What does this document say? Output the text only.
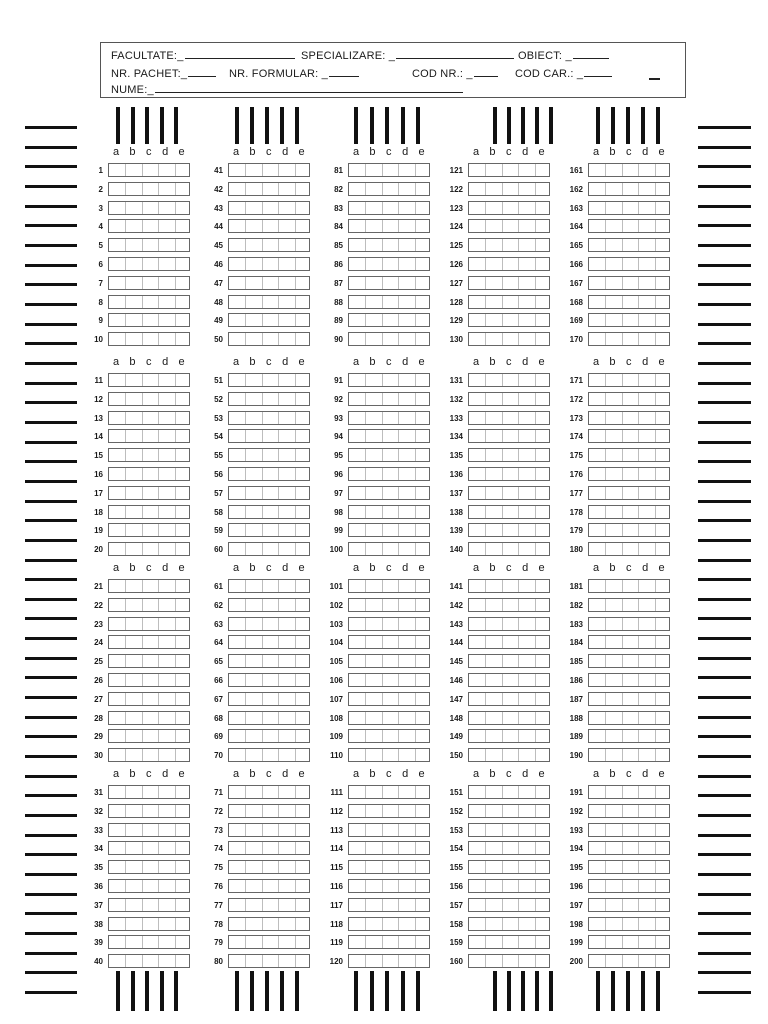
FACULTATE:_	SPECIALIZARE: _	OBIECT: _
NR. PACHET:_	NR. FORMULAR: _	COD NR.: _	COD CAR.: _
NUME:_
a b c d e
1
2
3
4
5
6
7
8
9
10
a b c d e
11
12
13
14
15
16
17
18
19
20
a b c d e
21
22
23
24
25
26
27
28
29
30
a b c d e
31
32
33
34
35
36
37
38
39
40
a b c d e
41
42
43
44
45
46
47
48
49
50
a b c d e
51
52
53
54
55
56
57
58
59
60
a b c d e
61
62
63
64
65
66
67
68
69
70
a b c d e
71
72
73
74
75
76
77
78
79
80
a b c d e
81
82
83
84
85
86
87
88
89
90
a b c d e
91
92
93
94
95
96
97
98
99
100
a b c d e
101
102
103
104
105
106
107
108
109
110
a b c d e
111
112
113
114
115
116
117
118
119
120
a b c d e
121
122
123
124
125
126
127
128
129
130
a b c d e
131
132
133
134
135
136
137
138
139
140
a b c d e
141
142
143
144
145
146
147
148
149
150
a b c d e
151
152
153
154
155
156
157
158
159
160
a b c d e
161
162
163
164
165
166
167
168
169
170
a b c d e
171
172
173
174
175
176
177
178
179
180
a b c d e
181
182
183
184
185
186
187
188
189
190
a b c d e
191
192
193
194
195
196
197
198
199
200
